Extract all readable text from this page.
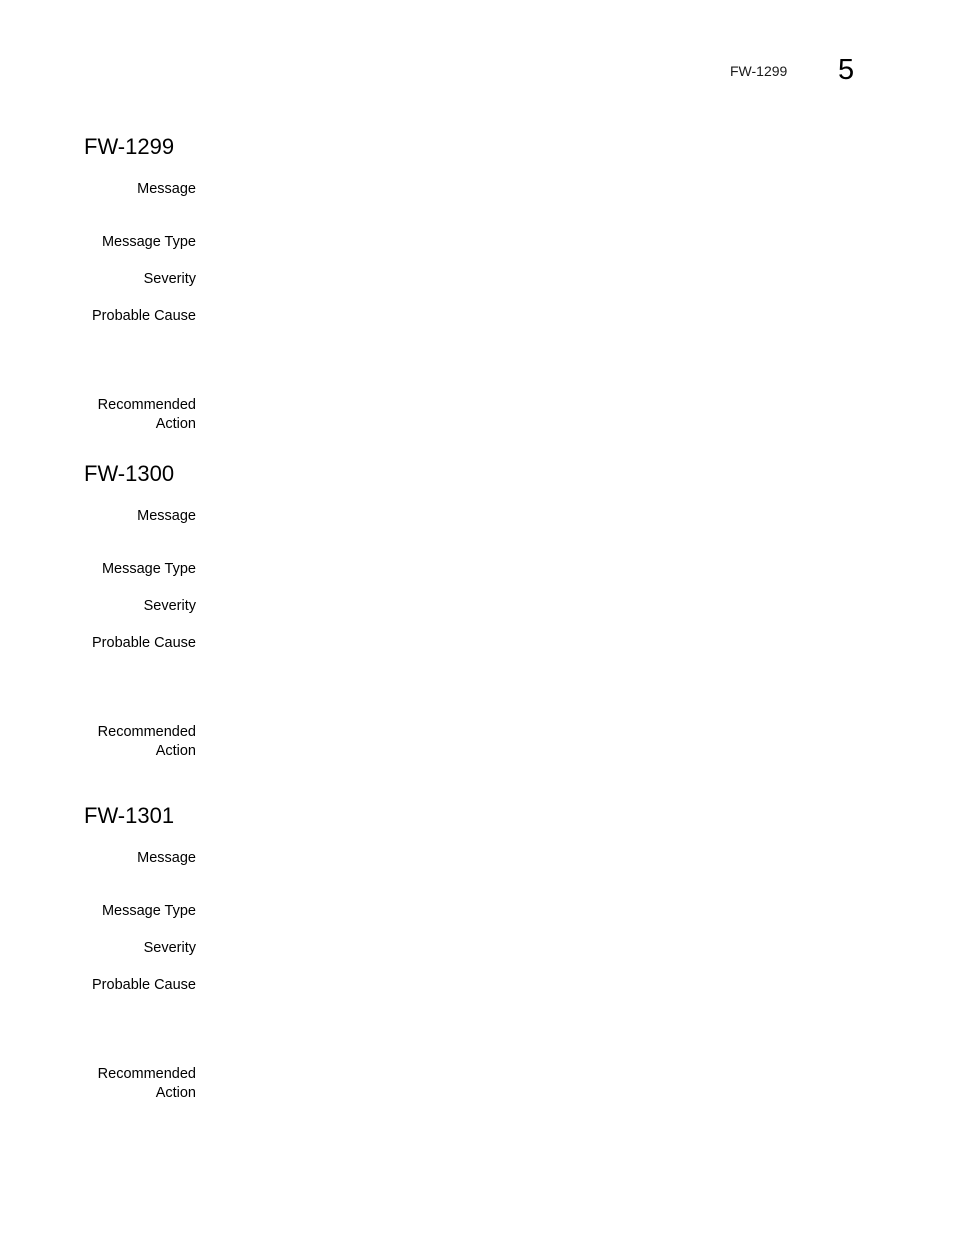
FW-1299 5
FW-1299
Message
Message Type
Severity
Probable Cause
Recommended
Action
FW-1300
Message
Message Type
Severity
Probable Cause
Recommended
Action
FW-1301
Message
Message Type
Severity
Probable Cause
Recommended
Action
